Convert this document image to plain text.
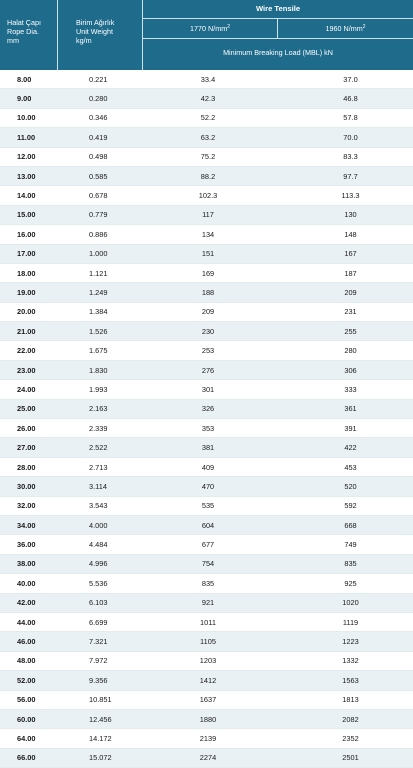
Halat Çapı
Rope Dia.
mm
Birim Ağırlık
Unit Weight
kg/m
Wire Tensile
1770 $N/mm^2$	1960 $N/mm^2$
Minimum Breaking Load (MBL) kN
8.00	0.221	33.4	37.0
9.00	0.280	42.3	46.8
10.00	0.346	52.2	57.8
11.00	0.419	63.2	70.0
12.00	0.498	75.2	83.3
13.00	0.585	88.2	97.7
14.00	0.678	102.3	113.3
15.00	0.779	117	130
16.00	0.886	134	148
17.00	1.000	151	167
18.00	1.121	169	187
19.00	1.249	188	209
20.00	1.384	209	231
21.00	1.526	230	255
22.00	1.675	253	280
23.00	1.830	276	306
24.00	1.993	301	333
25.00	2.163	326	361
26.00	2.339	353	391
27.00	2.522	381	422
28.00	2.713	409	453
30.00	3.114	470	520
32.00	3.543	535	592
34.00	4.000	604	668
36.00	4.484	677	749
38.00	4.996	754	835
40.00	5.536	835	925
42.00	6.103	921	1020
44.00	6.699	1011	1119
46.00	7.321	1105	1223
48.00	7.972	1203	1332
52.00	9.356	1412	1563
56.00	10.851	1637	1813
60.00	12.456	1880	2082
64.00	14.172	2139	2352
66.00	15.072	2274	2501
